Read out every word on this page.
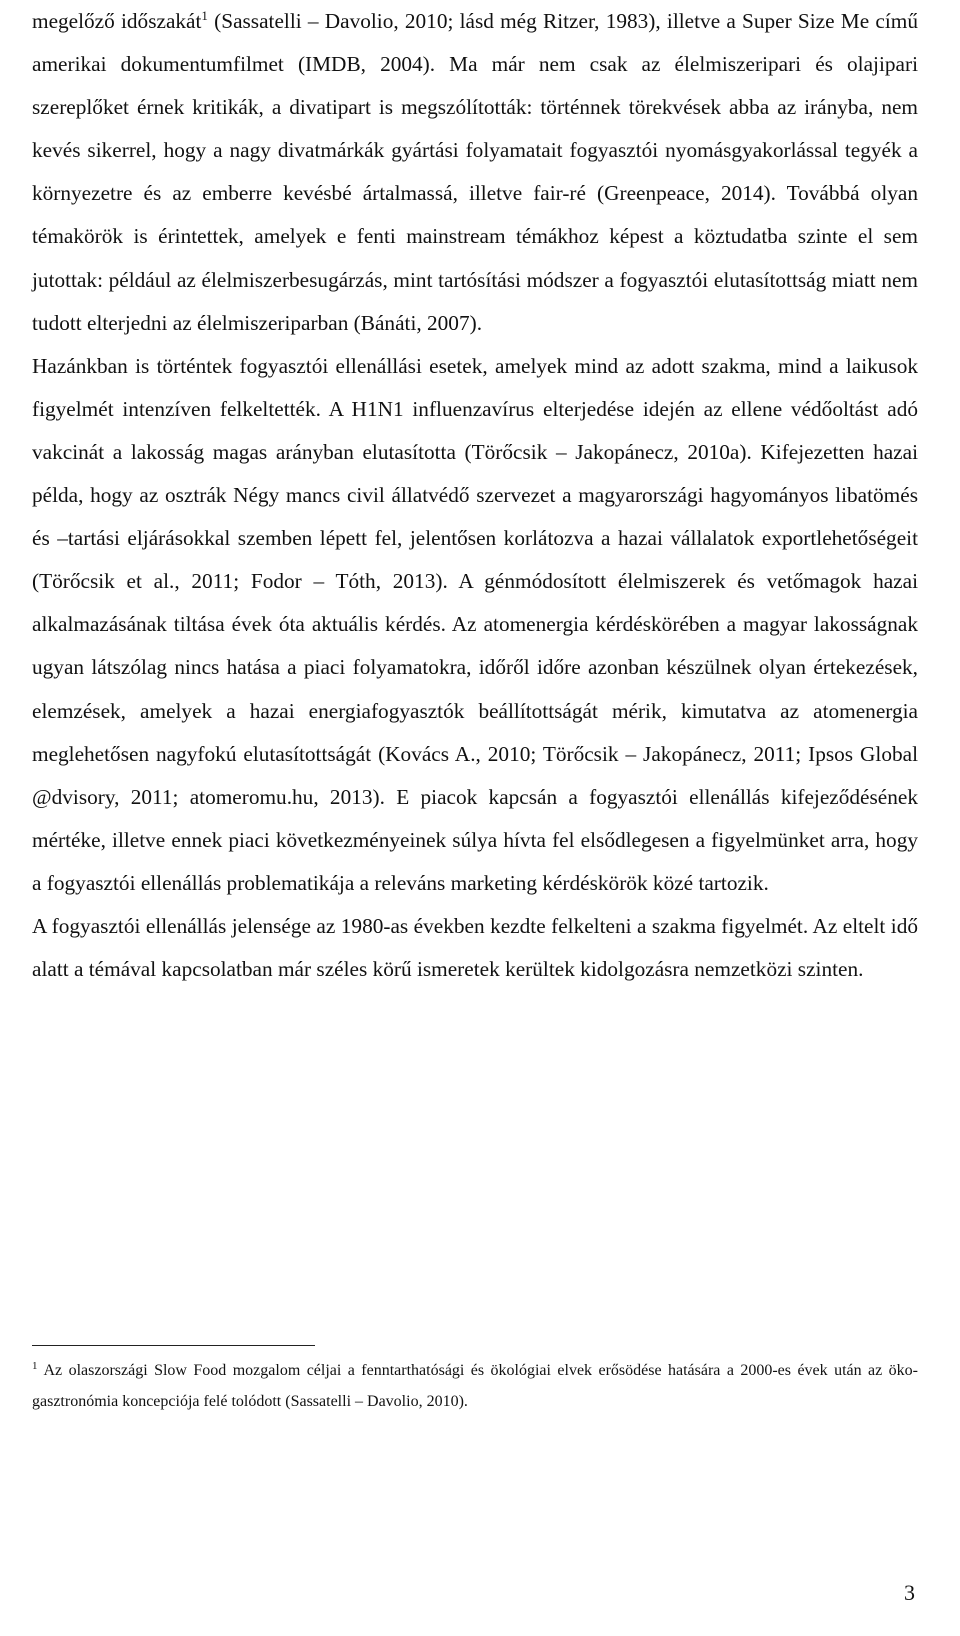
megelőző időszakát$^1$ (Sassatelli – Davolio, 2010; lásd még Ritzer, 1983), illetve a Super Size Me című amerikai dokumentumfilmet (IMDB, 2004). Ma már nem csak az élelmiszeripari és olajipari szereplőket érnek kritikák, a divatipart is megszólították: történnek törekvések abba az irányba, nem kevés sikerrel, hogy a nagy divatmárkák gyártási folyamatait fogyasztói nyomásgyakorlással tegyék a környezetre és az emberre kevésbé ártalmassá, illetve fair-ré (Greenpeace, 2014). Továbbá olyan témakörök is érintettek, amelyek e fenti mainstream témákhoz képest a köztudatba szinte el sem jutottak: például az élelmiszerbesugárzás, mint tartósítási módszer a fogyasztói elutasítottság miatt nem tudott elterjedni az élelmiszeriparban (Bánáti, 2007).

Hazánkban is történtek fogyasztói ellenállási esetek, amelyek mind az adott szakma, mind a laikusok figyelmét intenzíven felkeltették. A H1N1 influenzavírus elterjedése idején az ellene védőoltást adó vakcinát a lakosság magas arányban elutasította (Törőcsik – Jakopánecz, 2010a). Kifejezetten hazai példa, hogy az osztrák Négy mancs civil állatvédő szervezet a magyarországi hagyományos libatömés és –tartási eljárásokkal szemben lépett fel, jelentősen korlátozva a hazai vállalatok exportlehetőségeit (Törőcsik et al., 2011; Fodor – Tóth, 2013). A génmódosított élelmiszerek és vetőmagok hazai alkalmazásának tiltása évek óta aktuális kérdés. Az atomenergia kérdéskörében a magyar lakosságnak ugyan látszólag nincs hatása a piaci folyamatokra, időről időre azonban készülnek olyan értekezések, elemzések, amelyek a hazai energiafogyasztók beállítottságát mérik, kimutatva az atomenergia meglehetősen nagyfokú elutasítottságát (Kovács A., 2010; Törőcsik – Jakopánecz, 2011; Ipsos Global @dvisory, 2011; atomeromu.hu, 2013). E piacok kapcsán a fogyasztói ellenállás kifejeződésének mértéke, illetve ennek piaci következményeinek súlya hívta fel elsődlegesen a figyelmünket arra, hogy a fogyasztói ellenállás problematikája a releváns marketing kérdéskörök közé tartozik.

A fogyasztói ellenállás jelensége az 1980-as években kezdte felkelteni a szakma figyelmét. Az eltelt idő alatt a témával kapcsolatban már széles körű ismeretek kerültek kidolgozásra nemzetközi szinten.

$^1$ Az olaszországi Slow Food mozgalom céljai a fenntarthatósági és ökológiai elvek erősödése hatására a 2000-es évek után az öko-gasztronómia koncepciója felé tolódott (Sassatelli – Davolio, 2010).

3
